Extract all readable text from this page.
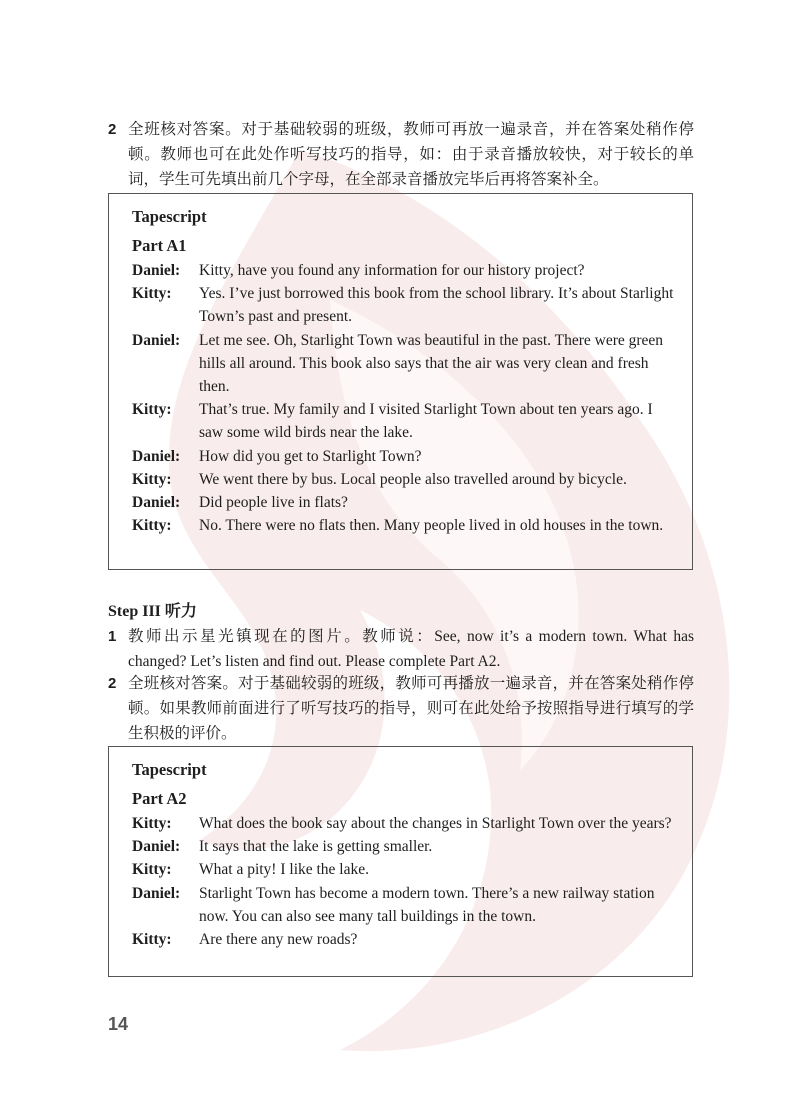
2 全班核对答案。对于基础较弱的班级，教师可再放一遍录音，并在答案处稍作停顿。教师也可在此处作听写技巧的指导，如：由于录音播放较快，对于较长的单词，学生可先填出前几个字母，在全部录音播放完毕后再将答案补全。
Tapescript
Part A1
Daniel:	Kitty, have you found any information for our history project?
Kitty:	Yes. I’ve just borrowed this book from the school library. It’s about Starlight Town’s past and present.
Daniel:	Let me see. Oh, Starlight Town was beautiful in the past. There were green hills all around. This book also says that the air was very clean and fresh then.
Kitty:	That’s true. My family and I visited Starlight Town about ten years ago. I saw some wild birds near the lake.
Daniel:	How did you get to Starlight Town?
Kitty:	We went there by bus. Local people also travelled around by bicycle.
Daniel:	Did people live in flats?
Kitty:	No. There were no flats then. Many people lived in old houses in the town.
Step III 听力
1 教师出示星光镇现在的图片。教师说：See, now it’s a modern town. What has changed? Let’s listen and find out. Please complete Part A2.
2 全班核对答案。对于基础较弱的班级，教师可再播放一遍录音，并在答案处稍作停顿。如果教师前面进行了听写技巧的指导，则可在此处给予按照指导进行填写的学生积极的评价。
Tapescript
Part A2
Kitty:	What does the book say about the changes in Starlight Town over the years?
Daniel:	It says that the lake is getting smaller.
Kitty:	What a pity! I like the lake.
Daniel:	Starlight Town has become a modern town. There’s a new railway station now. You can also see many tall buildings in the town.
Kitty:	Are there any new roads?
14
